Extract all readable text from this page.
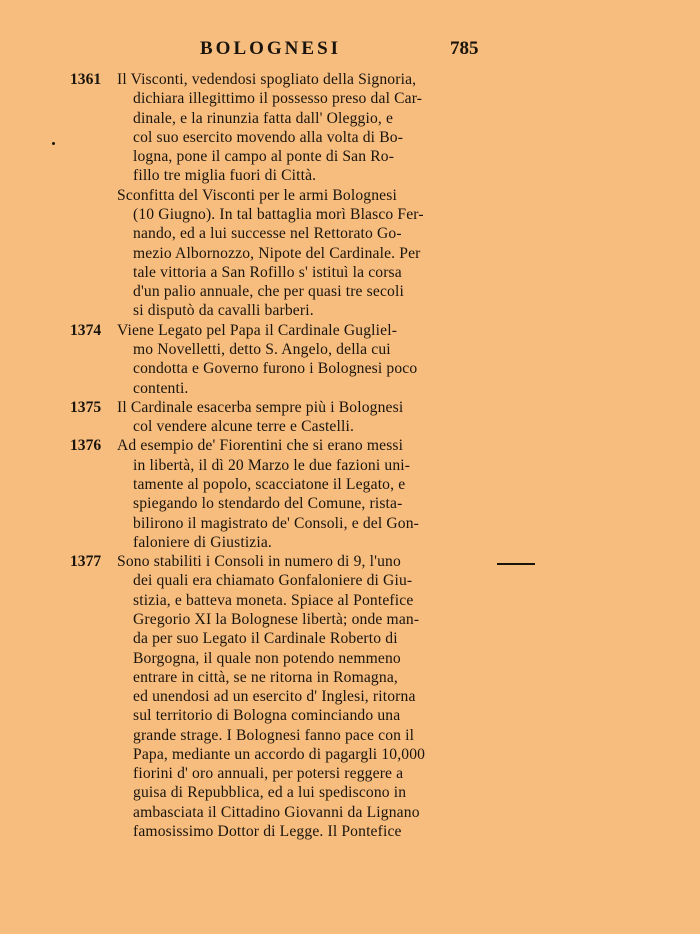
BOLOGNESI	785
1361 Il Visconti, vedendosi spogliato della Signoria,
dichiara illegittimo il possesso preso dal Car-
dinale, e la rinunzia fatta dall' Oleggio, e
col suo esercito movendo alla volta di Bo-
logna, pone il campo al ponte di San Ro-
fillo tre miglia fuori di Città.
Sconfitta del Visconti per le armi Bolognesi
(10 Giugno). In tal battaglia morì Blasco Fer-
nando, ed a lui successe nel Rettorato Go-
mezio Albornozzo, Nipote del Cardinale. Per
tale vittoria a San Rofillo s' istituì la corsa
d'un palio annuale, che per quasi tre secoli
si disputò da cavalli barberi.
1374 Viene Legato pel Papa il Cardinale Gugliel-
mo Novelletti, detto S. Angelo, della cui
condotta e Governo furono i Bolognesi poco
contenti.
1375 Il Cardinale esacerba sempre più i Bolognesi
col vendere alcune terre e Castelli.
1376 Ad esempio de' Fiorentini che si erano messi
in libertà, il dì 20 Marzo le due fazioni uni-
tamente al popolo, scacciatone il Legato, e
spiegando lo stendardo del Comune, rista-
bilirono il magistrato de' Consoli, e del Gon-
faloniere di Giustizia.
1377 Sono stabiliti i Consoli in numero di 9, l'uno
dei quali era chiamato Gonfaloniere di Giu-
stizia, e batteva moneta. Spiace al Pontefice
Gregorio XI la Bolognese libertà; onde man-
da per suo Legato il Cardinale Roberto di
Borgogna, il quale non potendo nemmeno
entrare in città, se ne ritorna in Romagna,
ed unendosi ad un esercito d' Inglesi, ritorna
sul territorio di Bologna cominciando una
grande strage. I Bolognesi fanno pace con il
Papa, mediante un accordo di pagargli 10,000
fiorini d' oro annuali, per potersi reggere a
guisa di Repubblica, ed a lui spediscono in
ambasciata il Cittadino Giovanni da Lignano
famosissimo Dottor di Legge. Il Pontefice
